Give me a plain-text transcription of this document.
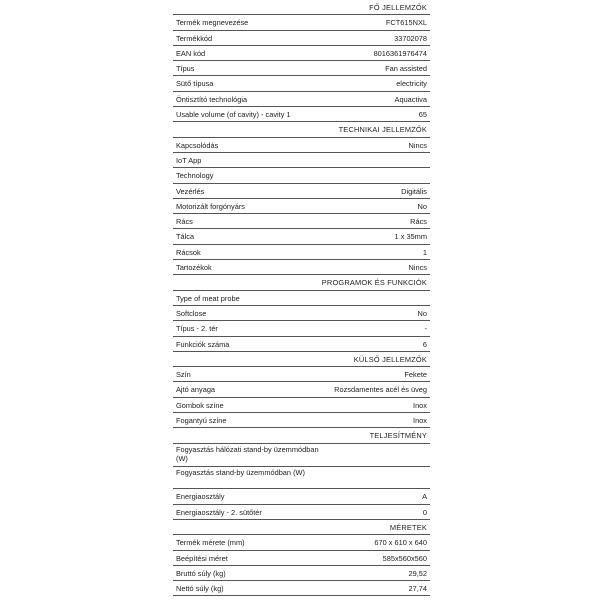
FŐ JELLEMZŐK
Termék megnevezése	FCT615NXL
Termékkód	33702078
EAN kód	8016361976474
Típus	Fan assisted
Sütő típusa	electricity
Öntisztító technológia	Aquactiva
Usable volume (of cavity) - cavity 1	65
TECHNIKAI JELLEMZŐK
Kapcsolódás	Nincs
IoT App
Technology
Vezérlés	Digitális
Motorizált forgónyárs	No
Rács	Rács
Tálca	1 x 35mm
Rácsok	1
Tartozékok	Nincs
PROGRAMOK ÉS FUNKCIÓK
Type of meat probe
Softclose	No
Típus - 2. tér	-
Funkciók száma	6
KÜLSŐ JELLEMZŐK
Szín	Fekete
Ajtó anyaga	Rozsdamentes acél és üveg
Gombok színe	Inox
Fogantyú színe	Inox
TELJESÍTMÉNY
Fogyasztás hálózati stand-by üzemmódban (W)
Fogyasztás stand-by üzemmódban (W)
Energiaosztály	A
Energiaosztály - 2. sütőtér	0
MÉRETEK
Termék mérete (mm)	670 x 610 x 640
Beépítési méret	585x560x560
Bruttó súly (kg)	29,52
Nettó súly (kg)	27,74
